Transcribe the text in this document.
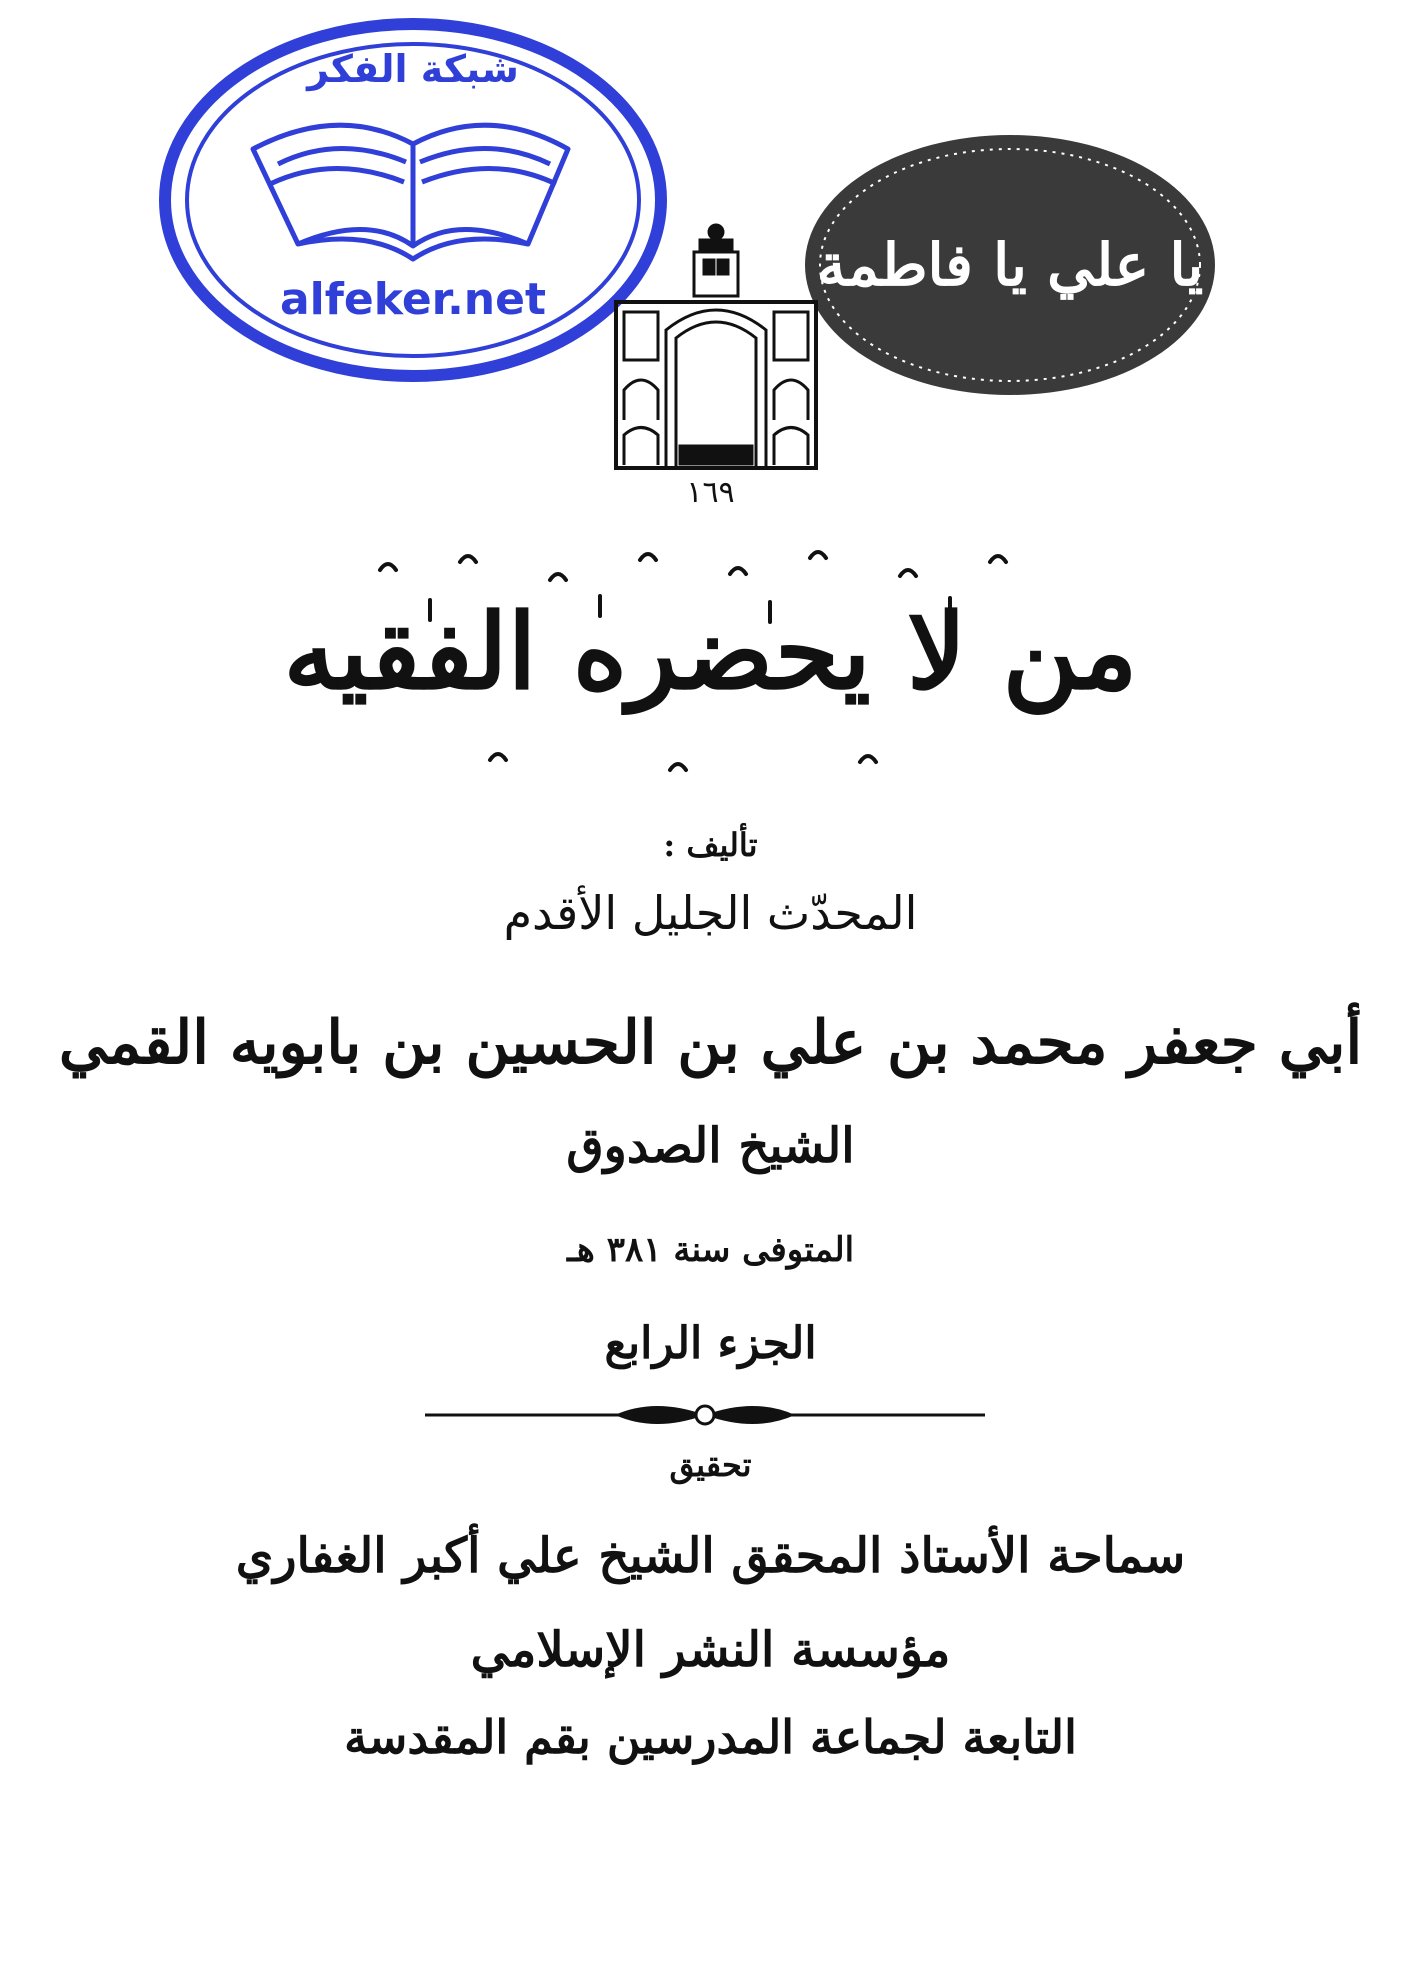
شبكة الفكر
alfeker.net
يا علي يا فاطمة
١٦٩
من لا يحضره الفقيه
تأليف :
المحدّث الجليل الأقدم
أبي جعفر محمد بن علي بن الحسين بن بابويه القمي
الشيخ الصدوق
المتوفى سنة ٣٨١ هـ
الجزء الرابع
تحقيق
سماحة الأستاذ المحقق الشيخ علي أكبر الغفاري
مؤسسة النشر الإسلامي
التابعة لجماعة المدرسين بقم المقدسة
